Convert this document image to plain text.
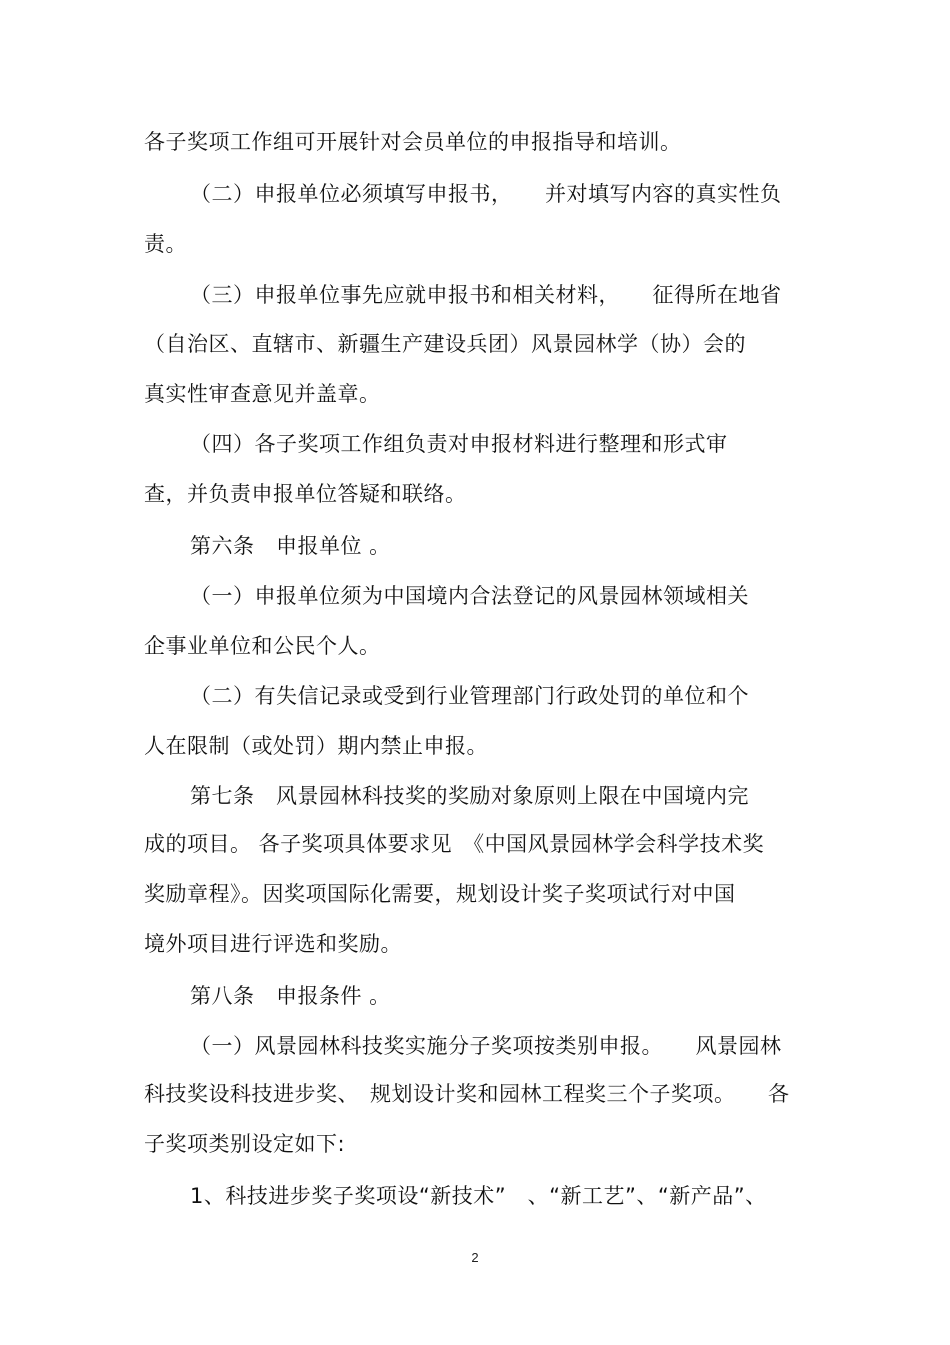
各子奖项工作组可开展针对会员单位的申报指导和培训。
（二）申报单位必须填写申报书，　　并对填写内容的真实性负
责。
（三）申报单位事先应就申报书和相关材料，　　征得所在地省
（自治区、直辖市、新疆生产建设兵团）风景园林学（协）会的
真实性审查意见并盖章。
（四）各子奖项工作组负责对申报材料进行整理和形式审
查，并负责申报单位答疑和联络。
第六条　申报单位 。
（一）申报单位须为中国境内合法登记的风景园林领域相关
企事业单位和公民个人。
（二）有失信记录或受到行业管理部门行政处罚的单位和个
人在限制（或处罚）期内禁止申报。
第七条　风景园林科技奖的奖励对象原则上限在中国境内完
成的项目。 各子奖项具体要求见　《中国风景园林学会科学技术奖
奖励章程》。因奖项国际化需要，规划设计奖子奖项试行对中国
境外项目进行评选和奖励。
第八条　申报条件 。
（一）风景园林科技奖实施分子奖项按类别申报。　　风景园林
科技奖设科技进步奖、　规划设计奖和园林工程奖三个子奖项。　　各
子奖项类别设定如下:
1、科技进步奖子奖项设“新技术”　、“新工艺”、“新产品”、
2
